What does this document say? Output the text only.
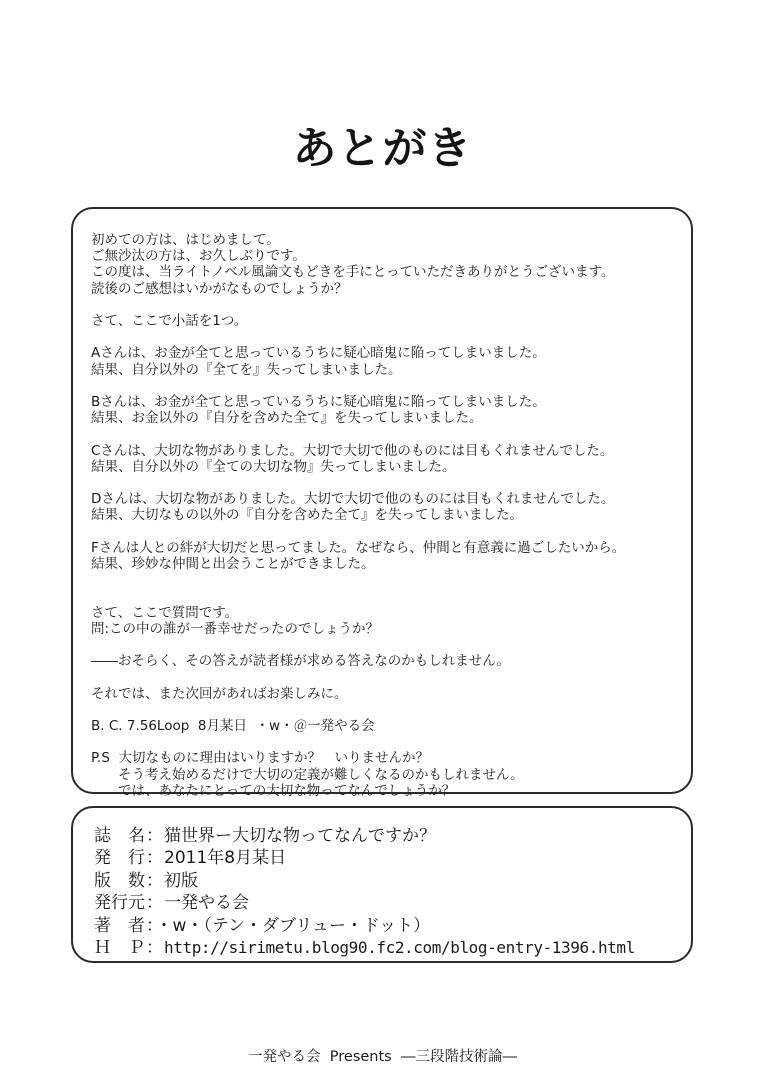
あとがき
初めての方は、はじめまして。
ご無沙汰の方は、お久しぶりです。
この度は、当ライトノベル風論文もどきを手にとっていただきありがとうございます。
読後のご感想はいかがなものでしょうか？
さて、ここで小話を1つ。
Aさんは、お金が全てと思っているうちに疑心暗鬼に陥ってしまいました。
結果、自分以外の『全てを』失ってしまいました。
Bさんは、お金が全てと思っているうちに疑心暗鬼に陥ってしまいました。
結果、お金以外の『自分を含めた全て』を失ってしまいました。
Cさんは、大切な物がありました。大切で大切で他のものには目もくれませんでした。
結果、自分以外の『全ての大切な物』失ってしまいました。
Dさんは、大切な物がありました。大切で大切で他のものには目もくれませんでした。
結果、大切なもの以外の『自分を含めた全て』を失ってしまいました。
Fさんは人との絆が大切だと思ってました。なぜなら、仲間と有意義に過ごしたいから。
結果、珍妙な仲間と出会うことができました。
さて、ここで質問です。
問:この中の誰が一番幸せだったのでしょうか？
――おそらく、その答えが読者様が求める答えなのかもしれません。
それでは、また次回があればお楽しみに。
B. C. 7.56Loop  8月某日  ・w・＠一発やる会
P.S  大切なものに理由はいりますか？　いりませんか？
　　そう考え始めるだけで大切の定義が難しくなるのかもしれません。
　　では、あなたにとっての大切な物ってなんでしょうか？
誌　名：猫世界ー大切な物ってなんですか？
発　行：2011年8月某日
版　数：初版
発行元：一発やる会
著　者：・w・（テン・ダブリュー・ドット）
Ｈ　Ｐ：http://sirimetu.blog90.fc2.com/blog-entry-1396.html
一発やる会  Presents  ―三段階技術論―
